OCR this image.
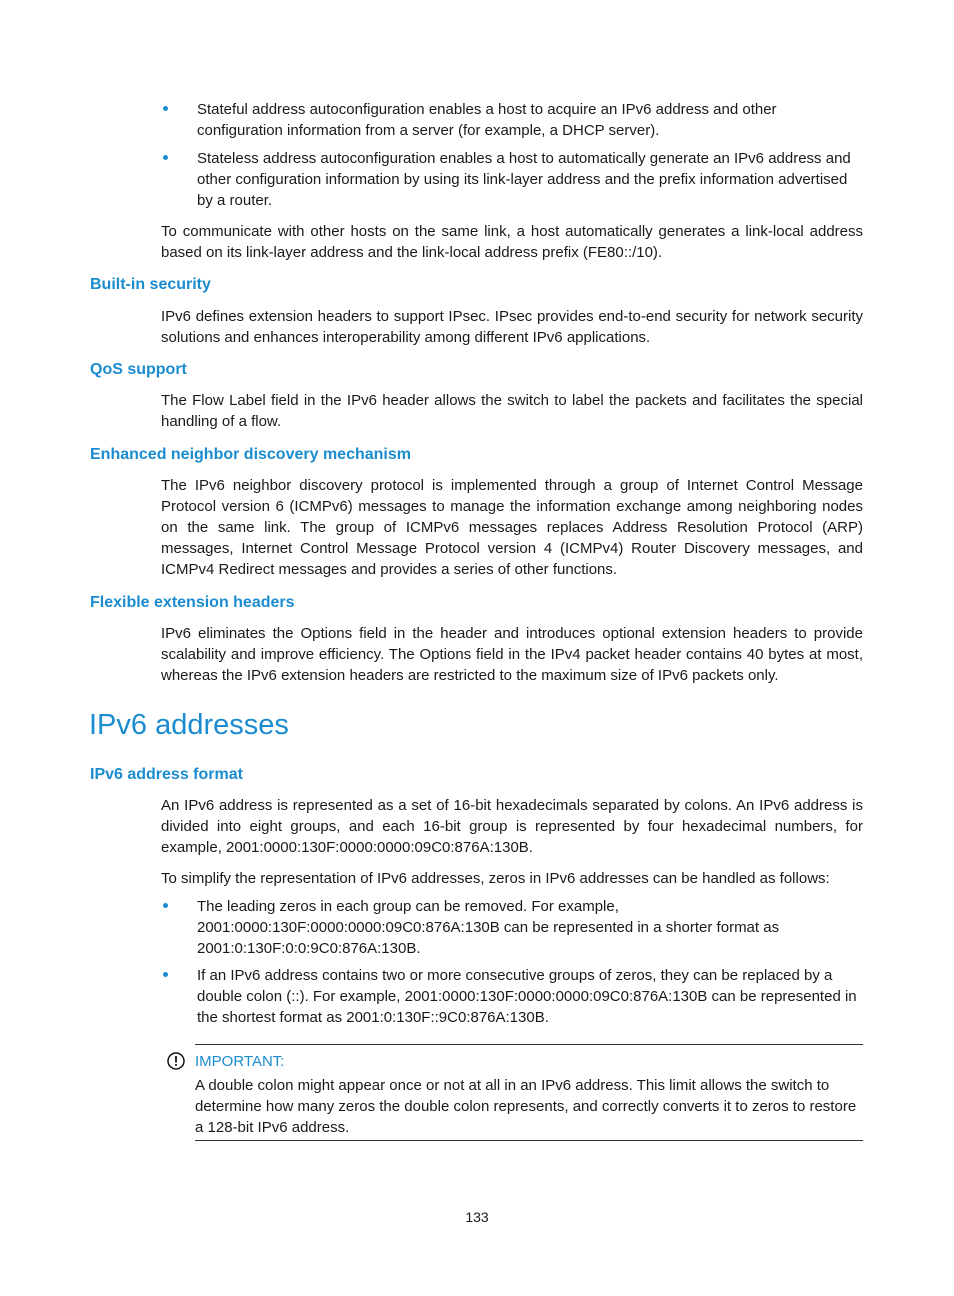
Stateful address autoconfiguration enables a host to acquire an IPv6 address and other configuration information from a server (for example, a DHCP server).
Stateless address autoconfiguration enables a host to automatically generate an IPv6 address and other configuration information by using its link-layer address and the prefix information advertised by a router.

To communicate with other hosts on the same link, a host automatically generates a link-local address based on its link-layer address and the link-local address prefix (FE80::/10).

Built-in security

IPv6 defines extension headers to support IPsec. IPsec provides end-to-end security for network security solutions and enhances interoperability among different IPv6 applications.

QoS support

The Flow Label field in the IPv6 header allows the switch to label the packets and facilitates the special handling of a flow.

Enhanced neighbor discovery mechanism

The IPv6 neighbor discovery protocol is implemented through a group of Internet Control Message Protocol version 6 (ICMPv6) messages to manage the information exchange among neighboring nodes on the same link. The group of ICMPv6 messages replaces Address Resolution Protocol (ARP) messages, Internet Control Message Protocol version 4 (ICMPv4) Router Discovery messages, and ICMPv4 Redirect messages and provides a series of other functions.

Flexible extension headers

IPv6 eliminates the Options field in the header and introduces optional extension headers to provide scalability and improve efficiency. The Options field in the IPv4 packet header contains 40 bytes at most, whereas the IPv6 extension headers are restricted to the maximum size of IPv6 packets only.

IPv6 addresses
IPv6 address format

An IPv6 address is represented as a set of 16-bit hexadecimals separated by colons. An IPv6 address is divided into eight groups, and each 16-bit group is represented by four hexadecimal numbers, for example, 2001:0000:130F:0000:0000:09C0:876A:130B.

To simplify the representation of IPv6 addresses, zeros in IPv6 addresses can be handled as follows:

The leading zeros in each group can be removed. For example, 2001:0000:130F:0000:0000:09C0:876A:130B can be represented in a shorter format as 2001:0:130F:0:0:9C0:876A:130B.
If an IPv6 address contains two or more consecutive groups of zeros, they can be replaced by a double colon (::). For example, 2001:0000:130F:0000:0000:09C0:876A:130B can be represented in the shortest format as 2001:0:130F::9C0:876A:130B.
IMPORTANT:

A double colon might appear once or not at all in an IPv6 address. This limit allows the switch to determine how many zeros the double colon represents, and correctly converts it to zeros to restore a 128-bit IPv6 address.

133
